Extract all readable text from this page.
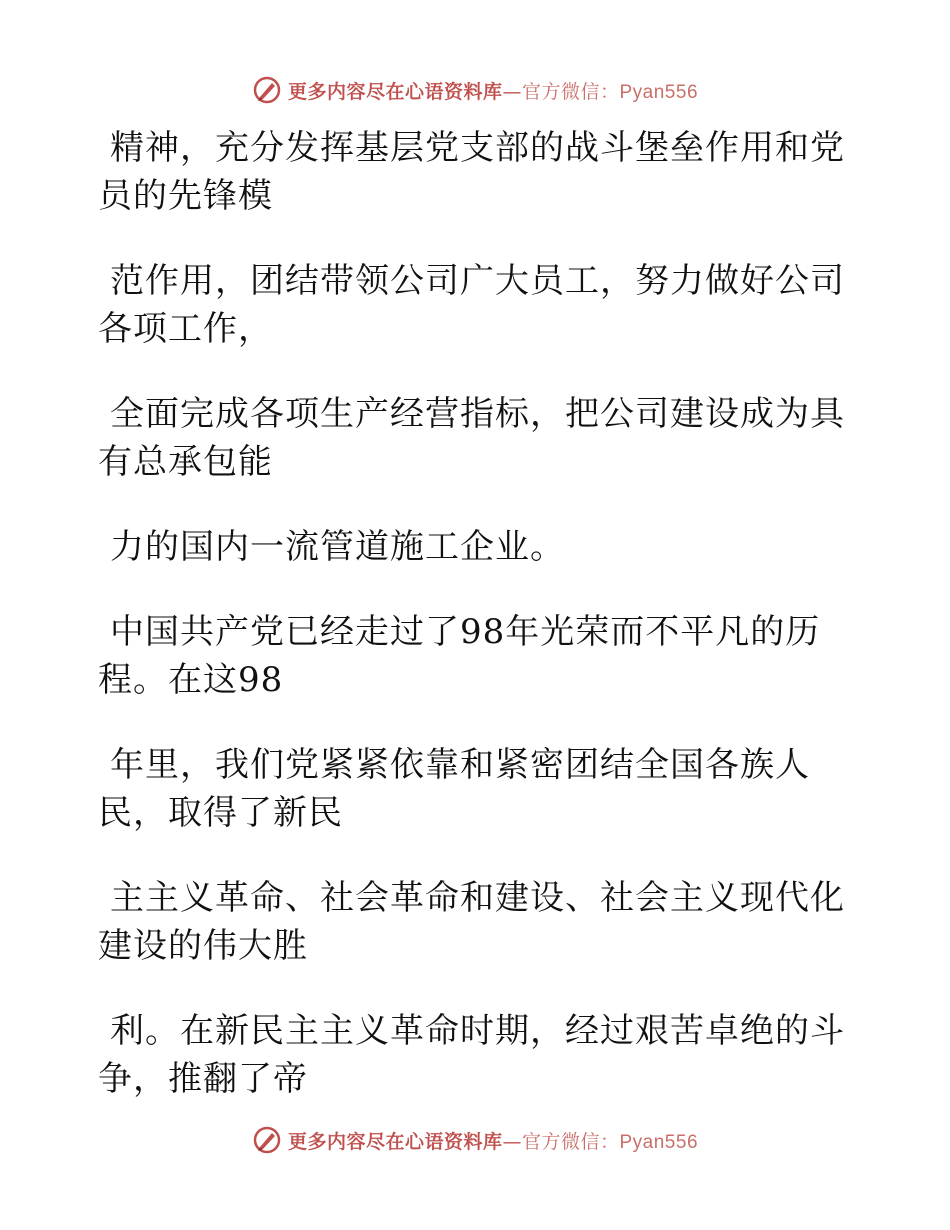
更多内容尽在心语资料库—官方微信：Pyan556

精神，充分发挥基层党支部的战斗堡垒作用和党
员的先锋模

范作用，团结带领公司广大员工，努力做好公司
各项工作，

全面完成各项生产经营指标，把公司建设成为具
有总承包能

力的国内一流管道施工企业。

中国共产党已经走过了98年光荣而不平凡的历
程。在这98

年里，我们党紧紧依靠和紧密团结全国各族人
民，取得了新民

主主义革命、社会革命和建设、社会主义现代化
建设的伟大胜

利。在新民主主义革命时期，经过艰苦卓绝的斗
争，推翻了帝

更多内容尽在心语资料库—官方微信：Pyan556
